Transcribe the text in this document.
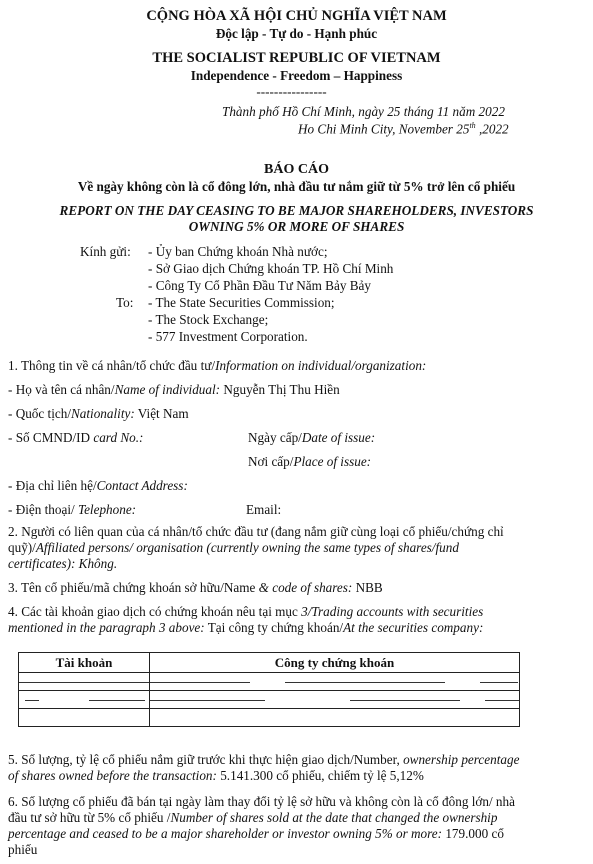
CỘNG HÒA XÃ HỘI CHỦ NGHĨA VIỆT NAM
Độc lập - Tự do - Hạnh phúc
THE SOCIALIST REPUBLIC OF VIETNAM
Independence - Freedom – Happiness
----------------
Thành phố Hồ Chí Minh, ngày 25 tháng 11 năm 2022
Ho Chi Minh City, November 25th ,2022
BÁO CÁO
Về ngày không còn là cổ đông lớn, nhà đầu tư nắm giữ từ 5% trở lên cổ phiếu
REPORT ON THE DAY CEASING TO BE MAJOR SHAREHOLDERS, INVESTORS
OWNING 5% OR MORE OF SHARES
Kính gửi: - Ủy ban Chứng khoán Nhà nước;
- Sở Giao dịch Chứng khoán TP. Hồ Chí Minh
- Công Ty Cổ Phần Đầu Tư Năm Bảy Bảy
To: - The State Securities Commission;
- The Stock Exchange;
- 577 Investment Corporation.
1. Thông tin về cá nhân/tổ chức đầu tư/Information on individual/organization:
- Họ và tên cá nhân/Name of individual: Nguyễn Thị Thu Hiền
- Quốc tịch/Nationality: Việt Nam
- Số CMND/ID card No.:	Ngày cấp/Date of issue:
Nơi cấp/Place of issue:
- Địa chỉ liên hệ/Contact Address:
- Điện thoại/ Telephone:	Email:
2. Người có liên quan của cá nhân/tổ chức đầu tư (đang nắm giữ cùng loại cổ phiếu/chứng chỉ
quỹ)/Affiliated persons/ organisation (currently owning the same types of shares/fund
certificates): Không.
3. Tên cổ phiếu/mã chứng khoán sở hữu/Name & code of shares: NBB
4. Các tài khoản giao dịch có chứng khoán nêu tại mục 3/Trading accounts with securities
mentioned in the paragraph 3 above: Tại công ty chứng khoán/At the securities company:
Tài khoản	Công ty chứng khoán

5. Số lượng, tỷ lệ cổ phiếu nắm giữ trước khi thực hiện giao dịch/Number, ownership percentage
of shares owned before the transaction: 5.141.300 cổ phiếu, chiếm tỷ lệ 5,12%
6. Số lượng cổ phiếu đã bán tại ngày làm thay đổi tỷ lệ sở hữu và không còn là cổ đông lớn/ nhà
đầu tư sở hữu từ 5% cổ phiếu /Number of shares sold at the date that changed the ownership
percentage and ceased to be a major shareholder or investor owning 5% or more: 179.000 cổ
phiếu
